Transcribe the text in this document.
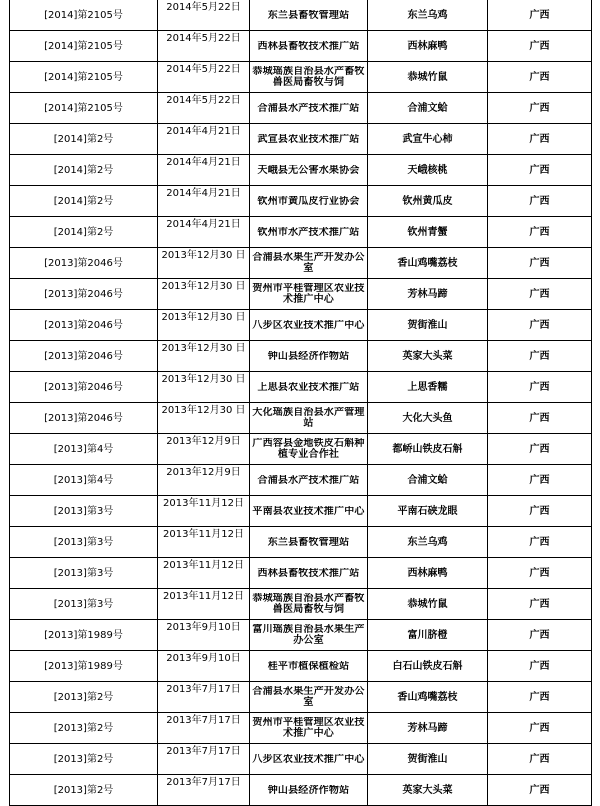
[2014]第2105号	2014年5月22日	东兰县畜牧管理站	东兰乌鸡	广西
[2014]第2105号	2014年5月22日	西林县畜牧技术推广站	西林麻鸭	广西
[2014]第2105号	2014年5月22日	恭城瑶族自治县水产畜牧兽医局畜牧与饲	恭城竹鼠	广西
[2014]第2105号	2014年5月22日	合浦县水产技术推广站	合浦文蛤	广西
[2014]第2号	2014年4月21日	武宣县农业技术推广站	武宣牛心柿	广西
[2014]第2号	2014年4月21日	天峨县无公害水果协会	天峨核桃	广西
[2014]第2号	2014年4月21日	钦州市黄瓜皮行业协会	钦州黄瓜皮	广西
[2014]第2号	2014年4月21日	钦州市水产技术推广站	钦州青蟹	广西
[2013]第2046号	2013年12月30 日	合浦县水果生产开发办公室	香山鸡嘴荔枝	广西
[2013]第2046号	2013年12月30 日	贺州市平桂管理区农业技术推广中心	芳林马蹄	广西
[2013]第2046号	2013年12月30 日	八步区农业技术推广中心	贺街淮山	广西
[2013]第2046号	2013年12月30 日	钟山县经济作物站	英家大头菜	广西
[2013]第2046号	2013年12月30 日	上思县农业技术推广站	上思香糯	广西
[2013]第2046号	2013年12月30 日	大化瑶族自治县水产管理站	大化大头鱼	广西
[2013]第4号	2013年12月9日	广西容县金地铁皮石斛种植专业合作社	都峤山铁皮石斛	广西
[2013]第4号	2013年12月9日	合浦县水产技术推广站	合浦文蛤	广西
[2013]第3号	2013年11月12日	平南县农业技术推广中心	平南石硖龙眼	广西
[2013]第3号	2013年11月12日	东兰县畜牧管理站	东兰乌鸡	广西
[2013]第3号	2013年11月12日	西林县畜牧技术推广站	西林麻鸭	广西
[2013]第3号	2013年11月12日	恭城瑶族自治县水产畜牧兽医局畜牧与饲	恭城竹鼠	广西
[2013]第1989号	2013年9月10日	富川瑶族自治县水果生产办公室	富川脐橙	广西
[2013]第1989号	2013年9月10日	桂平市植保植检站	白石山铁皮石斛	广西
[2013]第2号	2013年7月17日	合浦县水果生产开发办公室	香山鸡嘴荔枝	广西
[2013]第2号	2013年7月17日	贺州市平桂管理区农业技术推广中心	芳林马蹄	广西
[2013]第2号	2013年7月17日	八步区农业技术推广中心	贺街淮山	广西
[2013]第2号	2013年7月17日	钟山县经济作物站	英家大头菜	广西
